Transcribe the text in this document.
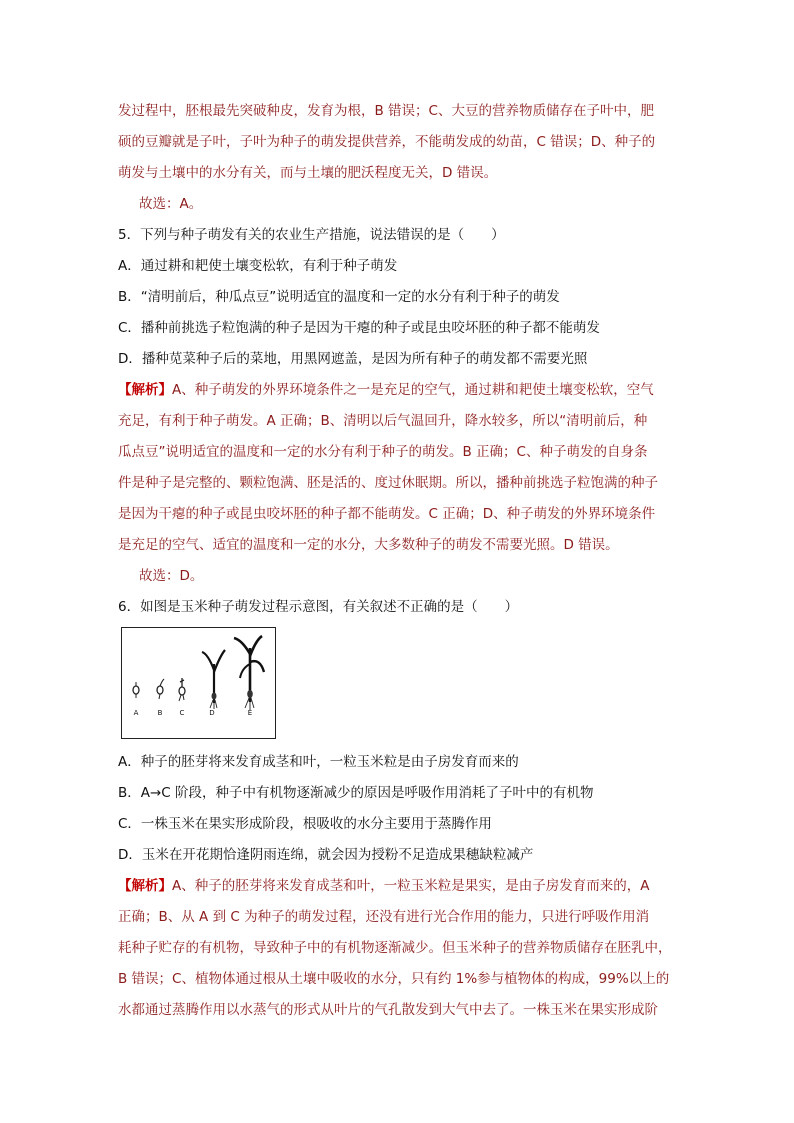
发过程中，胚根最先突破种皮，发育为根，B 错误；C、大豆的营养物质储存在子叶中，肥
硕的豆瓣就是子叶，子叶为种子的萌发提供营养，不能萌发成的幼苗，C 错误；D、种子的
萌发与土壤中的水分有关，而与土壤的肥沃程度无关，D 错误。
故选：A。
5．下列与种子萌发有关的农业生产措施，说法错误的是（　　）
A．通过耕和耙使土壤变松软，有利于种子萌发
B．“清明前后，种瓜点豆”说明适宜的温度和一定的水分有利于种子的萌发
C．播种前挑选子粒饱满的种子是因为干瘪的种子或昆虫咬坏胚的种子都不能萌发
D．播种苋菜种子后的菜地，用黑网遮盖，是因为所有种子的萌发都不需要光照
【解析】A、种子萌发的外界环境条件之一是充足的空气，通过耕和耙使土壤变松软，空气
充足，有利于种子萌发。A 正确；B、清明以后气温回升，降水较多，所以“清明前后，种
瓜点豆”说明适宜的温度和一定的水分有利于种子的萌发。B 正确；C、种子萌发的自身条
件是种子是完整的、颗粒饱满、胚是活的、度过休眠期。所以，播种前挑选子粒饱满的种子
是因为干瘪的种子或昆虫咬坏胚的种子都不能萌发。C 正确；D、种子萌发的外界环境条件
是充足的空气、适宜的温度和一定的水分，大多数种子的萌发不需要光照。D 错误。
故选：D。
6．如图是玉米种子萌发过程示意图，有关叙述不正确的是（　　）
A	B C	D	E
A．种子的胚芽将来发育成茎和叶，一粒玉米粒是由子房发育而来的
B．A→C 阶段，种子中有机物逐渐减少的原因是呼吸作用消耗了子叶中的有机物
C．一株玉米在果实形成阶段，根吸收的水分主要用于蒸腾作用
D．玉米在开花期恰逢阴雨连绵，就会因为授粉不足造成果穗缺粒减产
【解析】A、种子的胚芽将来发育成茎和叶，一粒玉米粒是果实，是由子房发育而来的，A
正确；B、从 A 到 C 为种子的萌发过程，还没有进行光合作用的能力，只进行呼吸作用消
耗种子贮存的有机物，导致种子中的有机物逐渐减少。但玉米种子的营养物质储存在胚乳中，
B 错误；C、植物体通过根从土壤中吸收的水分，只有约 1%参与植物体的构成，99%以上的
水都通过蒸腾作用以水蒸气的形式从叶片的气孔散发到大气中去了。一株玉米在果实形成阶
